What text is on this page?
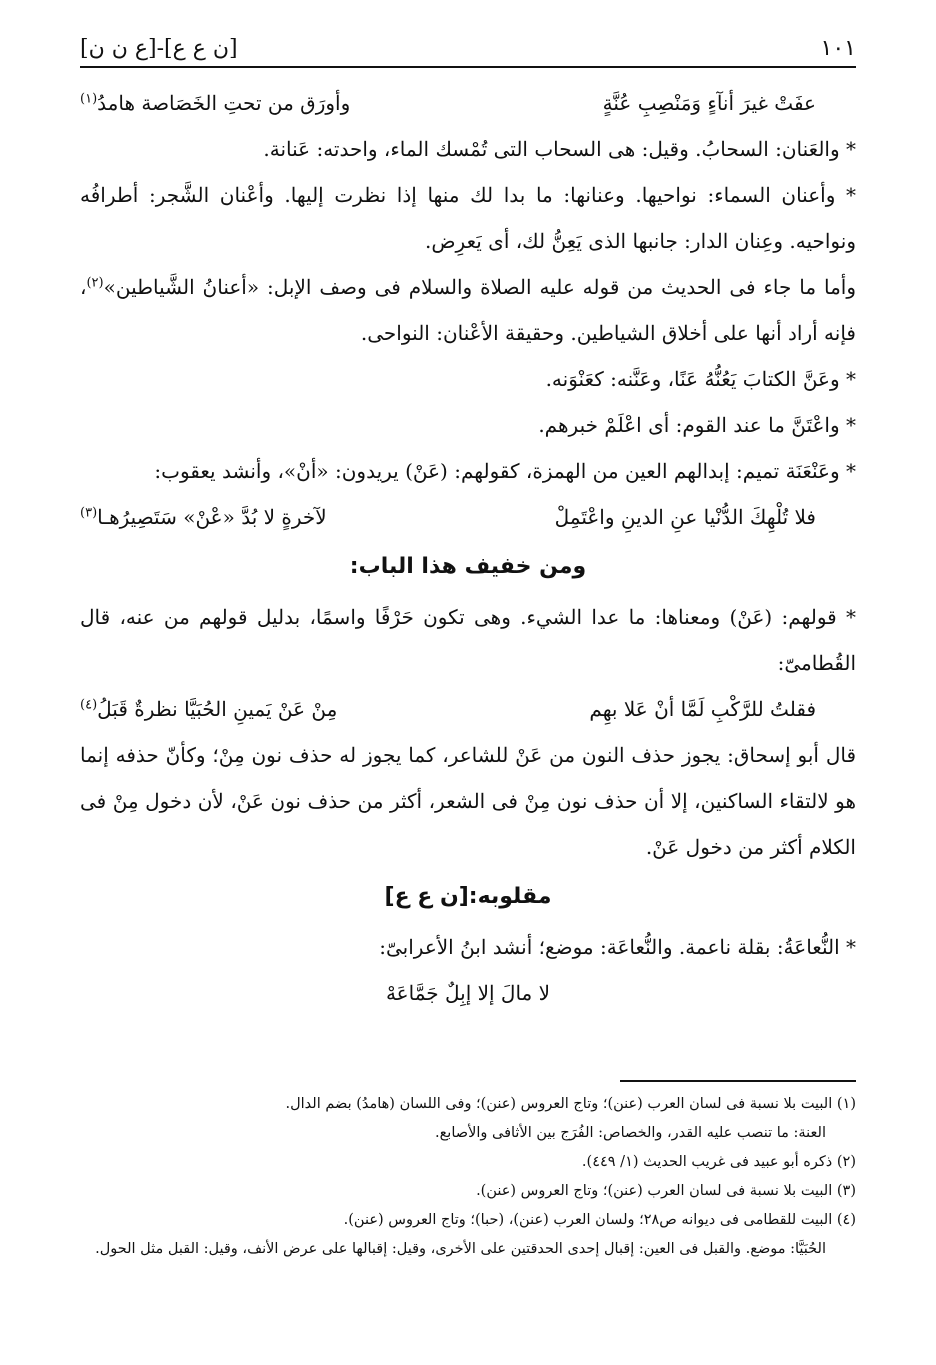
[ع ن ن]-[ن ع ع]	١٠١
عفَتْ غيرَ أنآءٍ وَمَنْصِبِ عُنَّةٍ
وأورَق من تحتِ الخَصَاصة هامدُ$^{(١)}$

* والعَنان: السحابُ. وقيل: هى السحاب التى تُمْسك الماء، واحدته: عَنانة.

* وأعنان السماء: نواحيها. وعنانها: ما بدا لك منها إذا نظرت إليها. وأعْنان الشَّجر: أطرافُه ونواحيه. وعِنان الدار: جانبها الذى يَعِنُّ لك، أى يَعرِض.

وأما ما جاء فى الحديث من قوله عليه الصلاة والسلام فى وصف الإبل: «أعنانُ الشَّياطين»$^{(٢)}$، فإنه أراد أنها على أخلاق الشياطين. وحقيقة الأعْنان: النواحى.

* وعَنَّ الكتابَ يَعُنُّهُ عَنًا، وعَنَّنه: كعَنْوَنه.

* واعْتَنَّ ما عند القوم: أى اعْلَمْ خبرهم.

* وعَنْعَنَة تميم: إبدالهم العين من الهمزة، كقولهم: (عَنْ) يريدون: «أنْ»، وأنشد يعقوب:

فلا تُلْهِكَ الدُّنْيا عنِ الدينِ واعْتَمِلْ
لآخرةٍ لا بُدَّ «عْنْ» سَتَصِيرُهـا$^{(٣)}$
ومن خفيف هذا الباب:

* قولهم: (عَنْ) ومعناها: ما عدا الشيء. وهى تكون حَرْفًا واسمًا، بدليل قولهم من عنه، قال القُطامىّ:

فقلتُ للرَّكْبِ لَمَّا أنْ عَلا بهِم
مِنْ عَنْ يَمينِ الحُبَيَّا نظرةٌ قَبَلُ$^{(٤)}$

قال أبو إسحاق: يجوز حذف النون من عَنْ للشاعر، كما يجوز له حذف نون مِنْ؛ وكأنّ حذفه إنما هو لالتقاء الساكنين، إلا أن حذف نون مِنْ فى الشعر، أكثر من حذف نون عَنْ، لأن دخول مِنْ فى الكلام أكثر من دخول عَنْ.

مقلوبه:[ن ع ع]

* النُّعاعَةُ: بقلة ناعمة. والنُّعاعَة: موضع؛ أنشد ابنُ الأعرابىّ:

لا مالَ إلا إبِلٌ جَمَّاعَهْ

(١) البيت بلا نسبة فى لسان العرب (عنن)؛ وتاج العروس (عنن)؛ وفى اللسان (هامدُ) بضم الدال.

العنة: ما تنصب عليه القدر، والخصاص: الفُرَج بين الأثافى والأصابع.

(٢) ذكره أبو عبيد فى غريب الحديث (١/ ٤٤٩).

(٣) البيت بلا نسبة فى لسان العرب (عنن)؛ وتاج العروس (عنن).

(٤) البيت للقطامى فى ديوانه ص٢٨؛ ولسان العرب (عنن)، (حبا)؛ وتاج العروس (عنن).

الحُبَيَّا: موضع. والقبل فى العين: إقبال إحدى الحدقتين على الأخرى، وقيل: إقبالها على عرض الأنف، وقيل: القبل مثل الحول.
